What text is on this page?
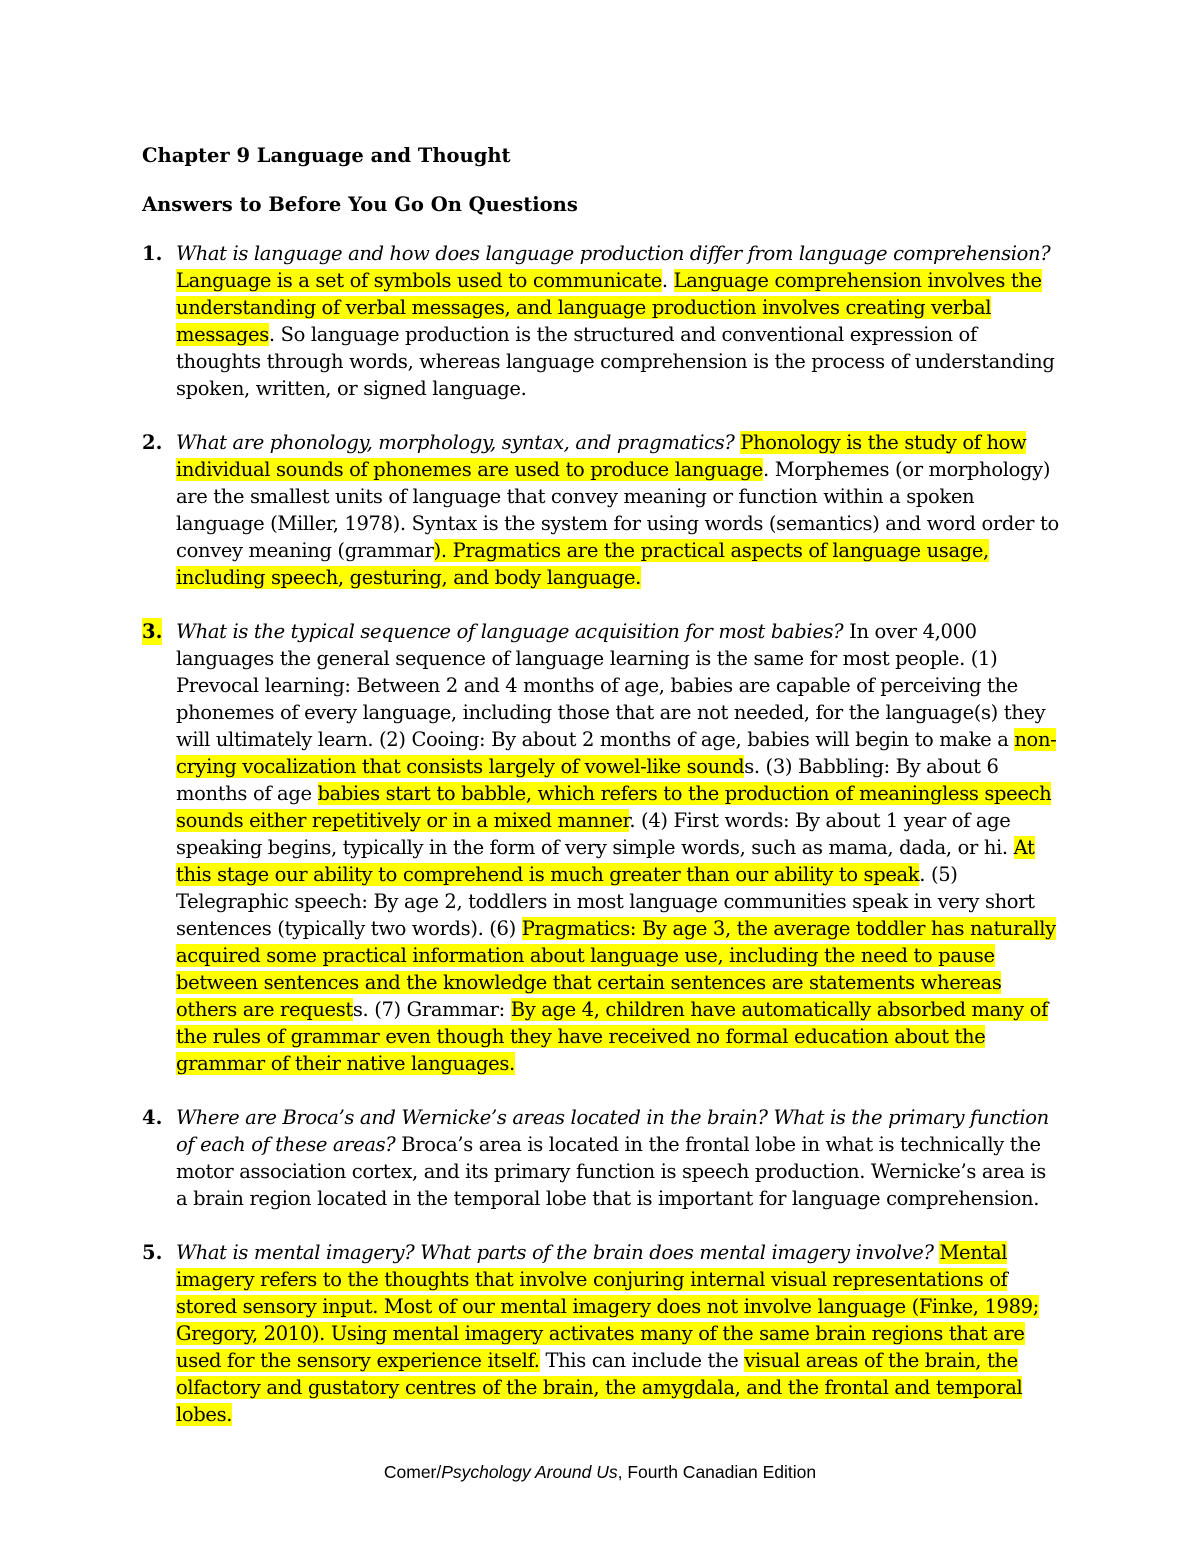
Chapter 9 Language and Thought
Answers to Before You Go On Questions
1. What is language and how does language production differ from language comprehension? Language is a set of symbols used to communicate. Language comprehension involves the understanding of verbal messages, and language production involves creating verbal messages. So language production is the structured and conventional expression of thoughts through words, whereas language comprehension is the process of understanding spoken, written, or signed language.
2. What are phonology, morphology, syntax, and pragmatics? Phonology is the study of how individual sounds of phonemes are used to produce language. Morphemes (or morphology) are the smallest units of language that convey meaning or function within a spoken language (Miller, 1978). Syntax is the system for using words (semantics) and word order to convey meaning (grammar). Pragmatics are the practical aspects of language usage, including speech, gesturing, and body language.
3. What is the typical sequence of language acquisition for most babies? In over 4,000 languages the general sequence of language learning is the same for most people. (1) Prevocal learning: Between 2 and 4 months of age, babies are capable of perceiving the phonemes of every language, including those that are not needed, for the language(s) they will ultimately learn. (2) Cooing: By about 2 months of age, babies will begin to make a non-crying vocalization that consists largely of vowel-like sounds. (3) Babbling: By about 6 months of age babies start to babble, which refers to the production of meaningless speech sounds either repetitively or in a mixed manner. (4) First words: By about 1 year of age speaking begins, typically in the form of very simple words, such as mama, dada, or hi. At this stage our ability to comprehend is much greater than our ability to speak. (5) Telegraphic speech: By age 2, toddlers in most language communities speak in very short sentences (typically two words). (6) Pragmatics: By age 3, the average toddler has naturally acquired some practical information about language use, including the need to pause between sentences and the knowledge that certain sentences are statements whereas others are requests. (7) Grammar: By age 4, children have automatically absorbed many of the rules of grammar even though they have received no formal education about the grammar of their native languages.
4. Where are Broca’s and Wernicke’s areas located in the brain? What is the primary function of each of these areas? Broca’s area is located in the frontal lobe in what is technically the motor association cortex, and its primary function is speech production. Wernicke’s area is a brain region located in the temporal lobe that is important for language comprehension.
5. What is mental imagery? What parts of the brain does mental imagery involve? Mental imagery refers to the thoughts that involve conjuring internal visual representations of stored sensory input. Most of our mental imagery does not involve language (Finke, 1989; Gregory, 2010). Using mental imagery activates many of the same brain regions that are used for the sensory experience itself. This can include the visual areas of the brain, the olfactory and gustatory centres of the brain, the amygdala, and the frontal and temporal lobes.
Comer/Psychology Around Us, Fourth Canadian Edition
